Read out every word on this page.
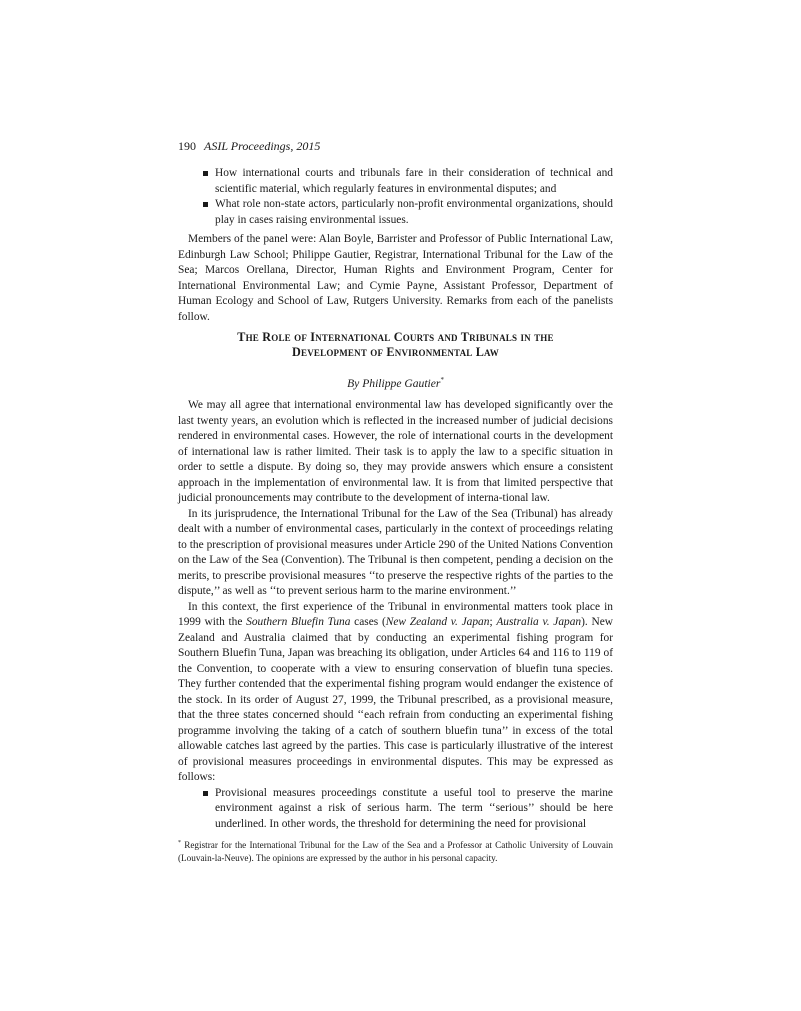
190 ASIL Proceedings, 2015
How international courts and tribunals fare in their consideration of technical and scientific material, which regularly features in environmental disputes; and
What role non-state actors, particularly non-profit environmental organizations, should play in cases raising environmental issues.

Members of the panel were: Alan Boyle, Barrister and Professor of Public International Law, Edinburgh Law School; Philippe Gautier, Registrar, International Tribunal for the Law of the Sea; Marcos Orellana, Director, Human Rights and Environment Program, Center for International Environmental Law; and Cymie Payne, Assistant Professor, Department of Human Ecology and School of Law, Rutgers University. Remarks from each of the panelists follow.

The Role of International Courts and Tribunals in the
Development of Environmental Law
By Philippe Gautier*

We may all agree that international environmental law has developed significantly over the last twenty years, an evolution which is reflected in the increased number of judicial decisions rendered in environmental cases. However, the role of international courts in the development of international law is rather limited. Their task is to apply the law to a specific situation in order to settle a dispute. By doing so, they may provide answers which ensure a consistent approach in the implementation of environmental law. It is from that limited perspective that judicial pronouncements may contribute to the development of interna-tional law.

In its jurisprudence, the International Tribunal for the Law of the Sea (Tribunal) has already dealt with a number of environmental cases, particularly in the context of proceedings relating to the prescription of provisional measures under Article 290 of the United Nations Convention on the Law of the Sea (Convention). The Tribunal is then competent, pending a decision on the merits, to prescribe provisional measures ‘‘to preserve the respective rights of the parties to the dispute,’’ as well as ‘‘to prevent serious harm to the marine environment.’’

In this context, the first experience of the Tribunal in environmental matters took place in 1999 with the Southern Bluefin Tuna cases (New Zealand v. Japan; Australia v. Japan). New Zealand and Australia claimed that by conducting an experimental fishing program for Southern Bluefin Tuna, Japan was breaching its obligation, under Articles 64 and 116 to 119 of the Convention, to cooperate with a view to ensuring conservation of bluefin tuna species. They further contended that the experimental fishing program would endanger the existence of the stock. In its order of August 27, 1999, the Tribunal prescribed, as a provisional measure, that the three states concerned should ‘‘each refrain from conducting an experimental fishing programme involving the taking of a catch of southern bluefin tuna’’ in excess of the total allowable catches last agreed by the parties. This case is particularly illustrative of the interest of provisional measures proceedings in environmental disputes. This may be expressed as follows:

Provisional measures proceedings constitute a useful tool to preserve the marine environment against a risk of serious harm. The term ‘‘serious’’ should be here underlined. In other words, the threshold for determining the need for provisional
* Registrar for the International Tribunal for the Law of the Sea and a Professor at Catholic University of Louvain (Louvain-la-Neuve). The opinions are expressed by the author in his personal capacity.
